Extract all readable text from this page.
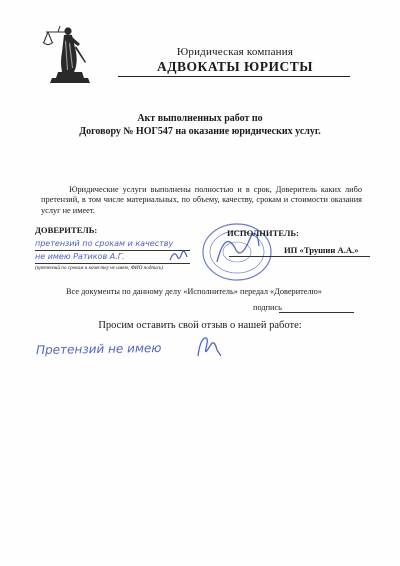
Юридическая компания
АДВОКАТЫ ЮРИСТЫ
Акт выполненных работ по
Договору № НОГ547 на оказание юридических услуг.
Юридические услуги выполнены полностью и в срок, Доверитель каких либо претензий, в том числе материальных, по объему, качеству, срокам и стоимости оказания услуг не имеет.
ДОВЕРИТЕЛЬ:
претензий по срокам и качеству
не имею Ратиков А.Г.
(претензий по срокам и качеству не имею, ФИО подпись)
ИСПОЛНИТЕЛЬ:
ИП «Трушин А.А.»
Все документы по данному делу «Исполнитель» передал «Доверителю»
подпись
Просим оставить свой отзыв о нашей работе:
Претензий не имею
